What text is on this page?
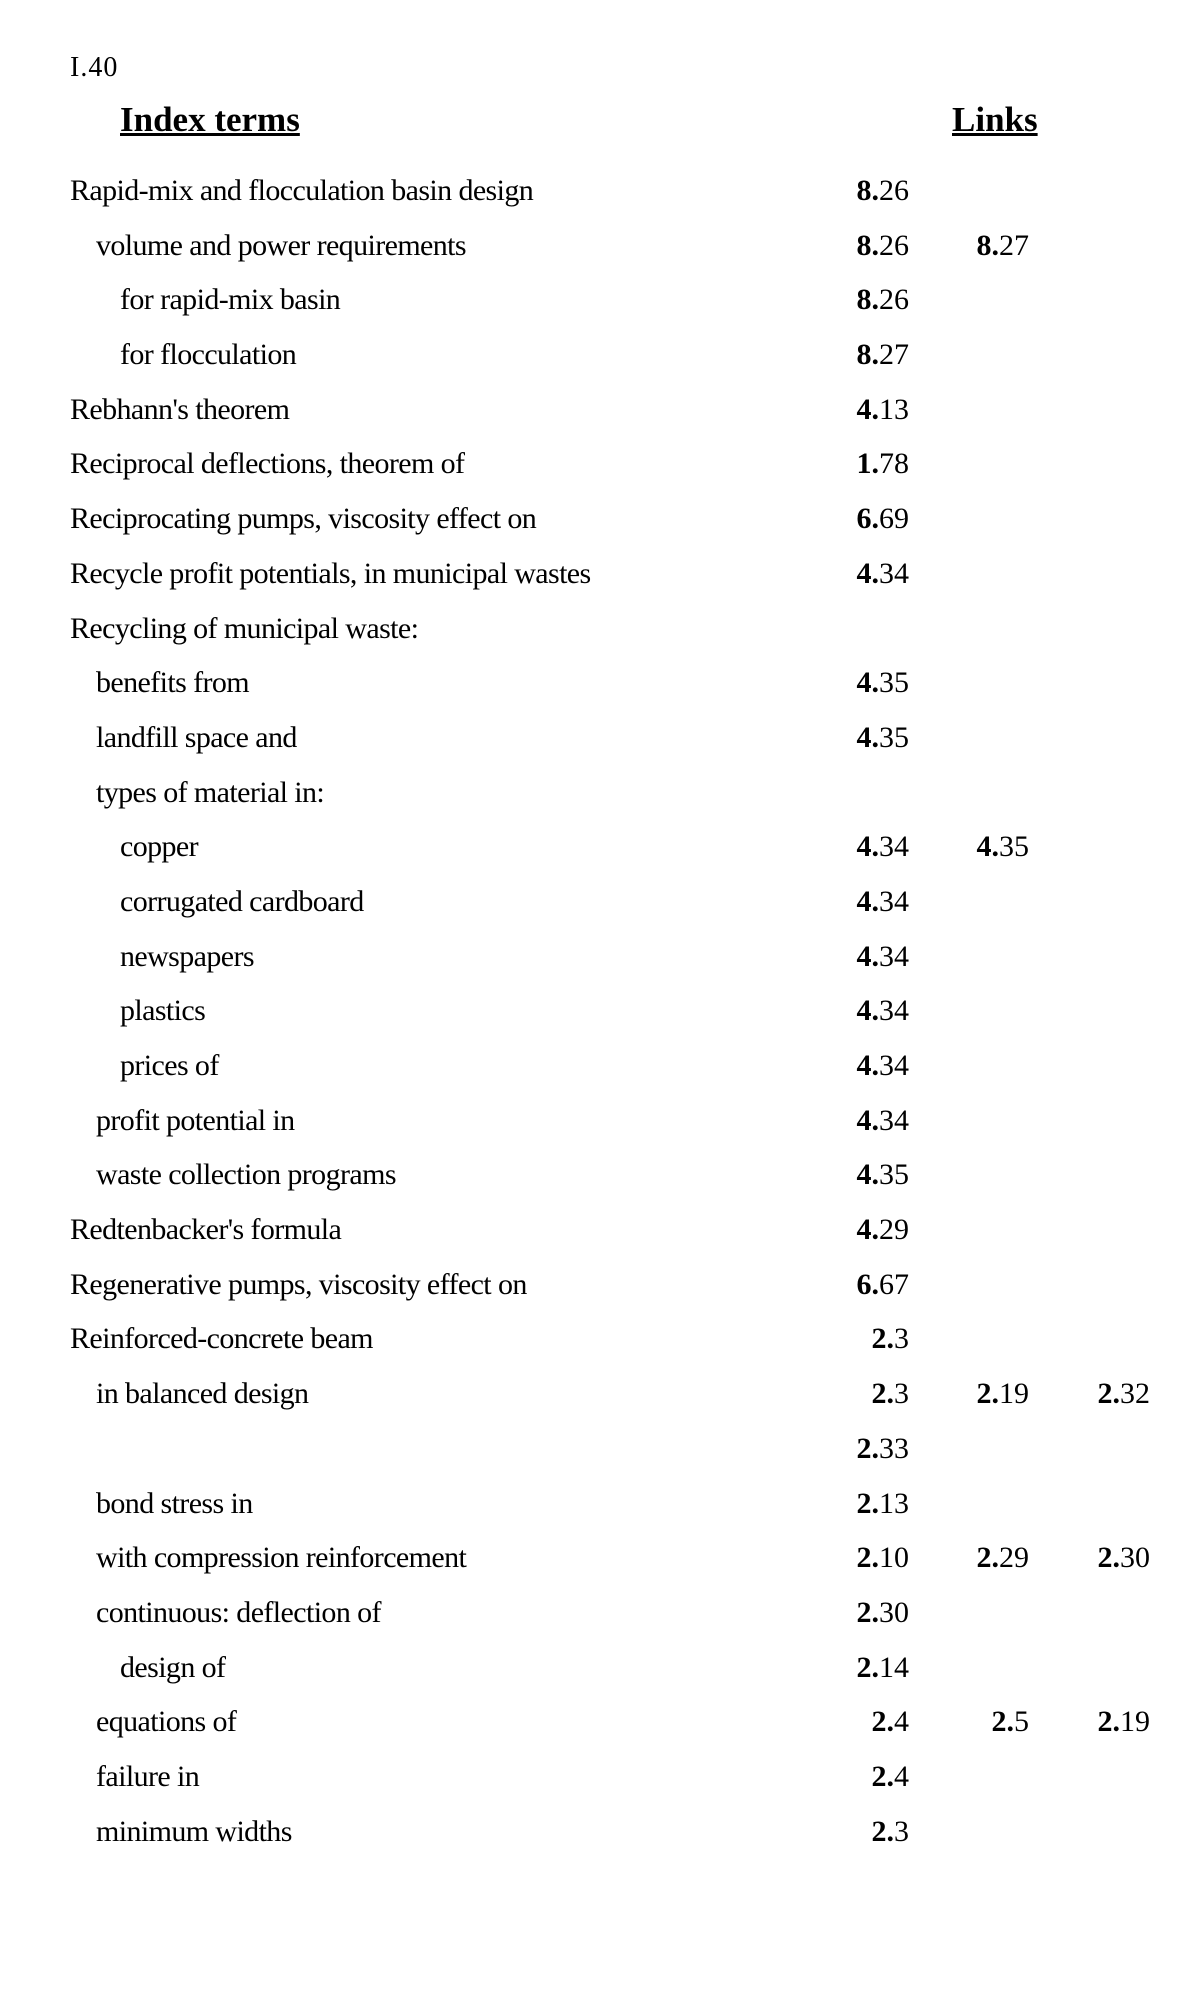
I.40
Index terms	Links
Rapid-mix and flocculation basin design	8.26
volume and power requirements	8.26 8.27
for rapid-mix basin	8.26
for flocculation	8.27
Rebhann's theorem	4.13
Reciprocal deflections, theorem of	1.78
Reciprocating pumps, viscosity effect on	6.69
Recycle profit potentials, in municipal wastes	4.34
Recycling of municipal waste:
benefits from	4.35
landfill space and	4.35
types of material in:
copper	4.34 4.35
corrugated cardboard	4.34
newspapers	4.34
plastics	4.34
prices of	4.34
profit potential in	4.34
waste collection programs	4.35
Redtenbacker's formula	4.29
Regenerative pumps, viscosity effect on	6.67
Reinforced-concrete beam	2.3
in balanced design	2.3 2.19 2.32
2.33
bond stress in	2.13
with compression reinforcement	2.10 2.29 2.30
continuous: deflection of	2.30
design of	2.14
equations of	2.4	2.5 2.19
failure in	2.4
minimum widths	2.3
